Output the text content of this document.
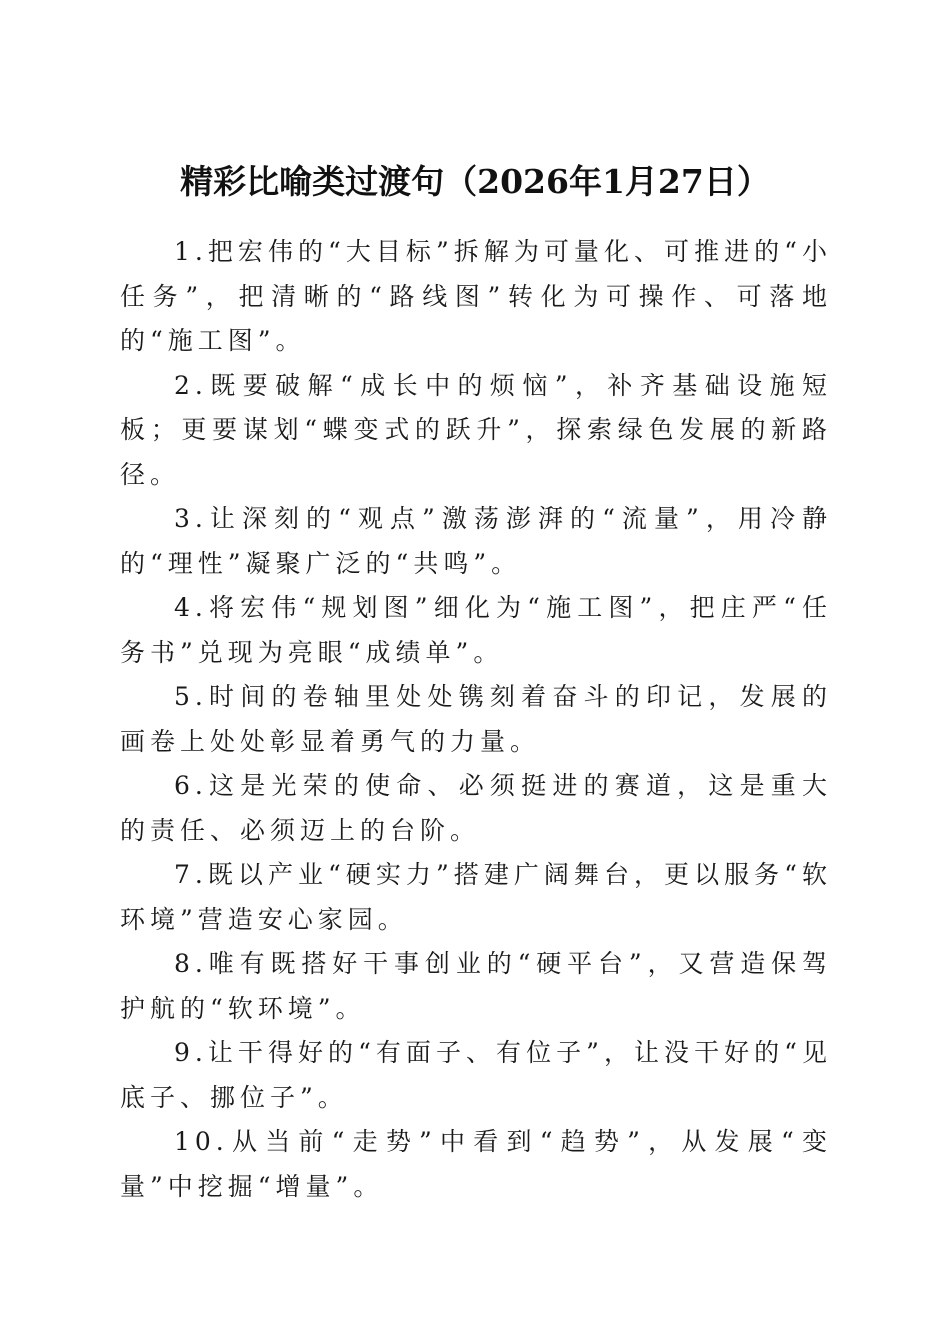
精彩比喻类过渡句（2026年1月27日）

1.把宏伟的“大目标”拆解为可量化、可推进的“小任务”，把清晰的“路线图”转化为可操作、可落地的“施工图”。

2.既要破解“成长中的烦恼”，补齐基础设施短板；更要谋划“蝶变式的跃升”，探索绿色发展的新路径。

3.让深刻的“观点”激荡澎湃的“流量”，用冷静的“理性”凝聚广泛的“共鸣”。

4.将宏伟“规划图”细化为“施工图”，把庄严“任务书”兑现为亮眼“成绩单”。

5.时间的卷轴里处处镌刻着奋斗的印记，发展的画卷上处处彰显着勇气的力量。

6.这是光荣的使命、必须挺进的赛道，这是重大的责任、必须迈上的台阶。

7.既以产业“硬实力”搭建广阔舞台，更以服务“软环境”营造安心家园。

8.唯有既搭好干事创业的“硬平台”，又营造保驾护航的“软环境”。

9.让干得好的“有面子、有位子”，让没干好的“见底子、挪位子”。

10.从当前“走势”中看到“趋势”，从发展“变量”中挖掘“增量”。
